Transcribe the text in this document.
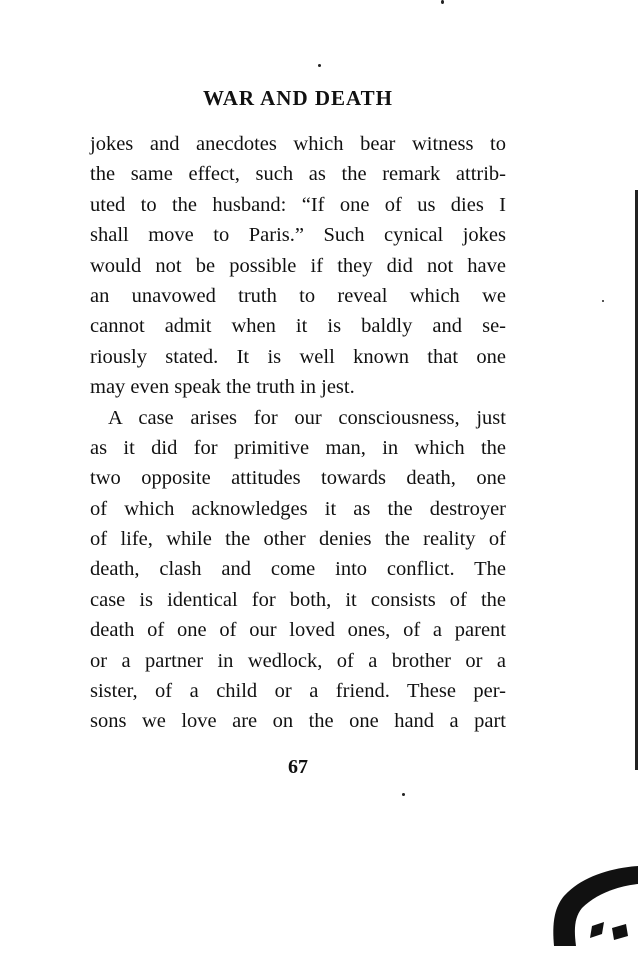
WAR AND DEATH
jokes and anecdotes which bear witness to
the same effect, such as the remark attrib-
uted to the husband: “If one of us dies I
shall move to Paris.” Such cynical jokes
would not be possible if they did not have
an unavowed truth to reveal which we
cannot admit when it is baldly and se-
riously stated. It is well known that one
may even speak the truth in jest.
A case arises for our consciousness, just
as it did for primitive man, in which the
two opposite attitudes towards death, one
of which acknowledges it as the destroyer
of life, while the other denies the reality of
death, clash and come into conflict. The
case is identical for both, it consists of the
death of one of our loved ones, of a parent
or a partner in wedlock, of a brother or a
sister, of a child or a friend. These per-
sons we love are on the one hand a part
67
